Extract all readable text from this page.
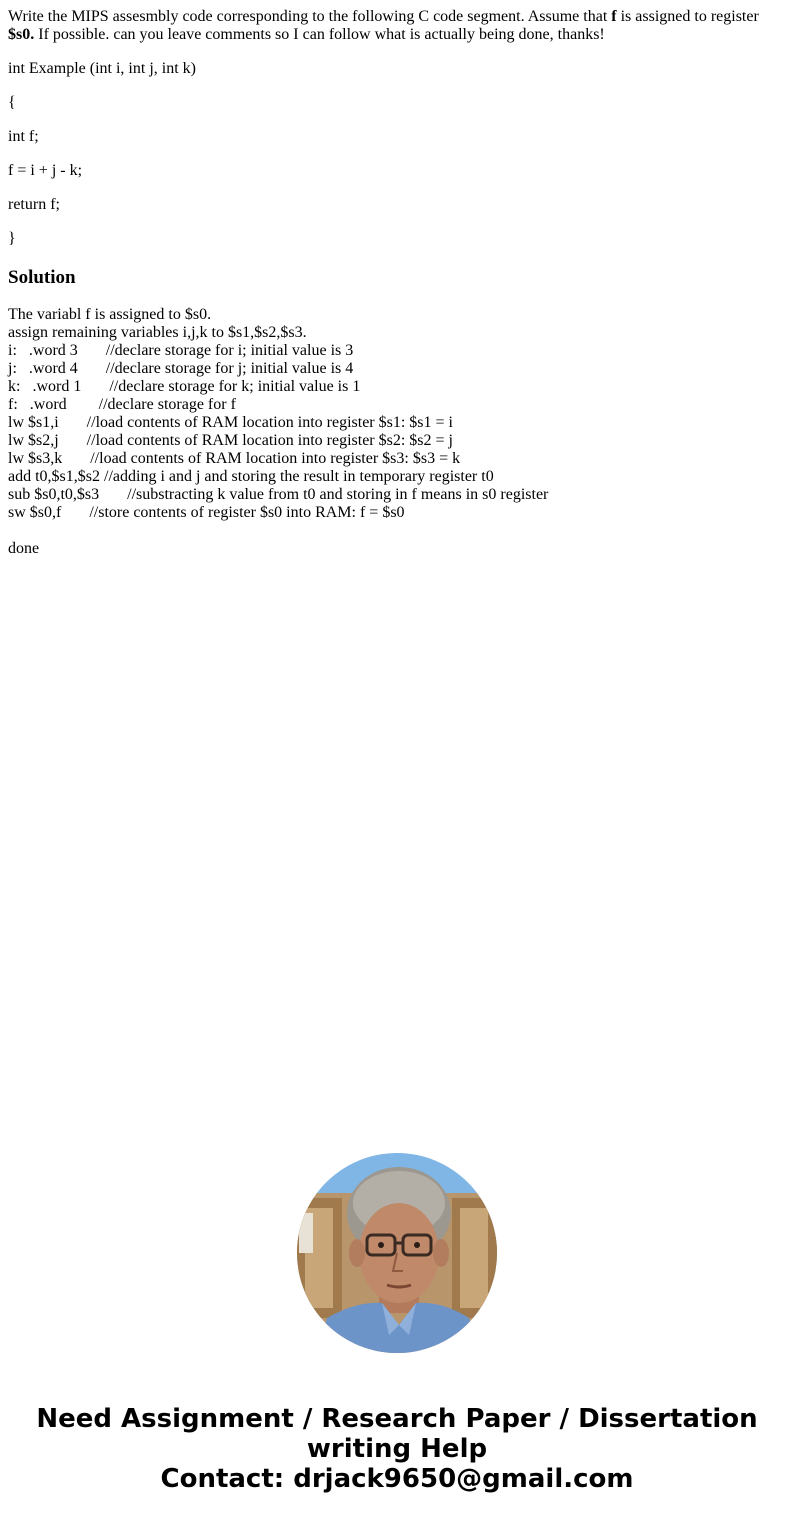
Write the MIPS assesmbly code corresponding to the following C code segment. Assume that f is assigned to register $s0. If possible. can you leave comments so I can follow what is actually being done, thanks!

int Example (int i, int j, int k)

{

int f;

f = i + j - k;

return f;

}

Solution
The variabl f is assigned to $s0.
assign remaining variables i,j,k to $s1,$s2,$s3.
i:   .word 3       //declare storage for i; initial value is 3
j:   .word 4       //declare storage for j; initial value is 4
k:   .word 1       //declare storage for k; initial value is 1
f:   .word        //declare storage for f
lw $s1,i       //load contents of RAM location into register $s1: $s1 = i
lw $s2,j       //load contents of RAM location into register $s2: $s2 = j
lw $s3,k       //load contents of RAM location into register $s3: $s3 = k
add t0,$s1,$s2 //adding i and j and storing the result in temporary register t0
sub $s0,t0,$s3       //substracting k value from t0 and storing in f means in s0 register
sw $s0,f       //store contents of register $s0 into RAM: f = $s0
done
Need Assignment / Research Paper / Dissertation
writing Help
Contact: drjack9650@gmail.com
